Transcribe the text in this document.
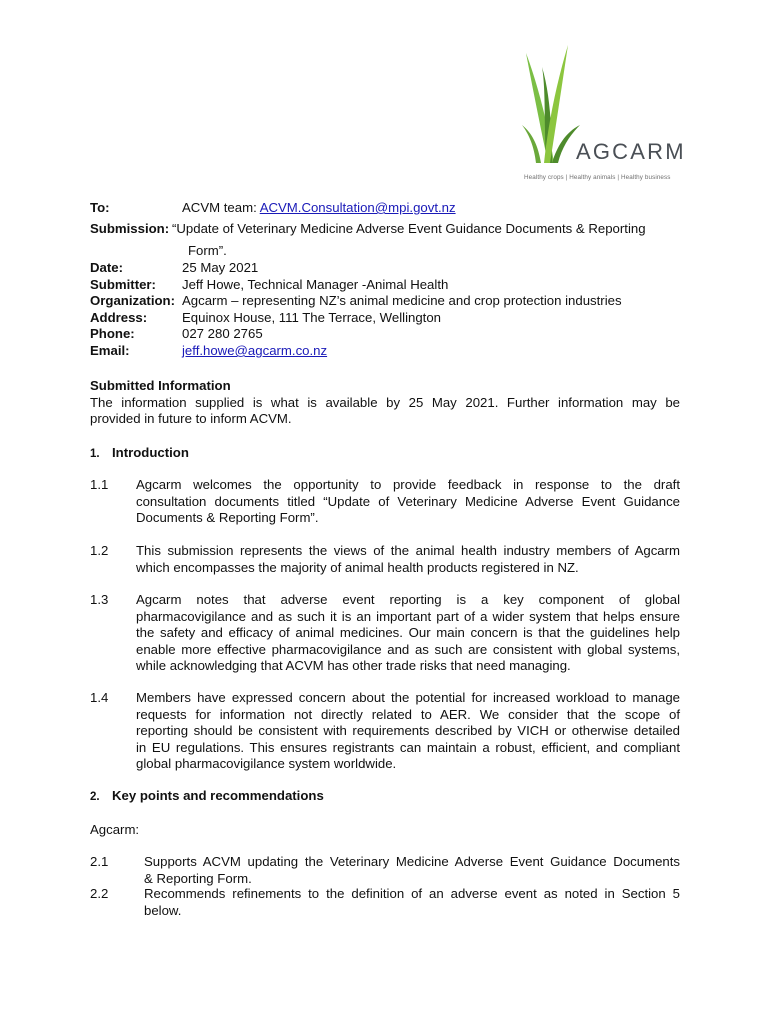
AGCARM
Healthy crops | Healthy animals | Healthy business
To:	ACVM team: ACVM.Consultation@mpi.govt.nz
Submission: “Update of Veterinary Medicine Adverse Event Guidance Documents & Reporting
Form”.
Date:	25 May 2021
Submitter: Jeff Howe, Technical Manager -Animal Health
Organization: Agcarm – representing NZ’s animal medicine and crop protection industries
Address:	Equinox House, 111 The Terrace, Wellington
Phone:	027 280 2765
Email:	jeff.howe@agcarm.co.nz
Submitted Information
The information supplied is what is available by 25 May 2021. Further information may be
provided in future to inform ACVM.
1. Introduction
1.1 Agcarm welcomes the opportunity to provide feedback in response to the draft
consultation documents titled “Update of Veterinary Medicine Adverse Event Guidance
Documents & Reporting Form”.
1.2 This submission represents the views of the animal health industry members of Agcarm
which encompasses the majority of animal health products registered in NZ.
1.3 Agcarm notes that adverse event reporting is a key component of global
pharmacovigilance and as such it is an important part of a wider system that helps ensure
the safety and efficacy of animal medicines. Our main concern is that the guidelines help
enable more effective pharmacovigilance and as such are consistent with global systems,
while acknowledging that ACVM has other trade risks that need managing.
1.4 Members have expressed concern about the potential for increased workload to manage
requests for information not directly related to AER. We consider that the scope of
reporting should be consistent with requirements described by VICH or otherwise detailed
in EU regulations. This ensures registrants can maintain a robust, efficient, and compliant
global pharmacovigilance system worldwide.
2. Key points and recommendations
Agcarm:
2.1	Supports ACVM updating the Veterinary Medicine Adverse Event Guidance Documents
& Reporting Form.
2.2	Recommends refinements to the definition of an adverse event as noted in Section 5
below.
